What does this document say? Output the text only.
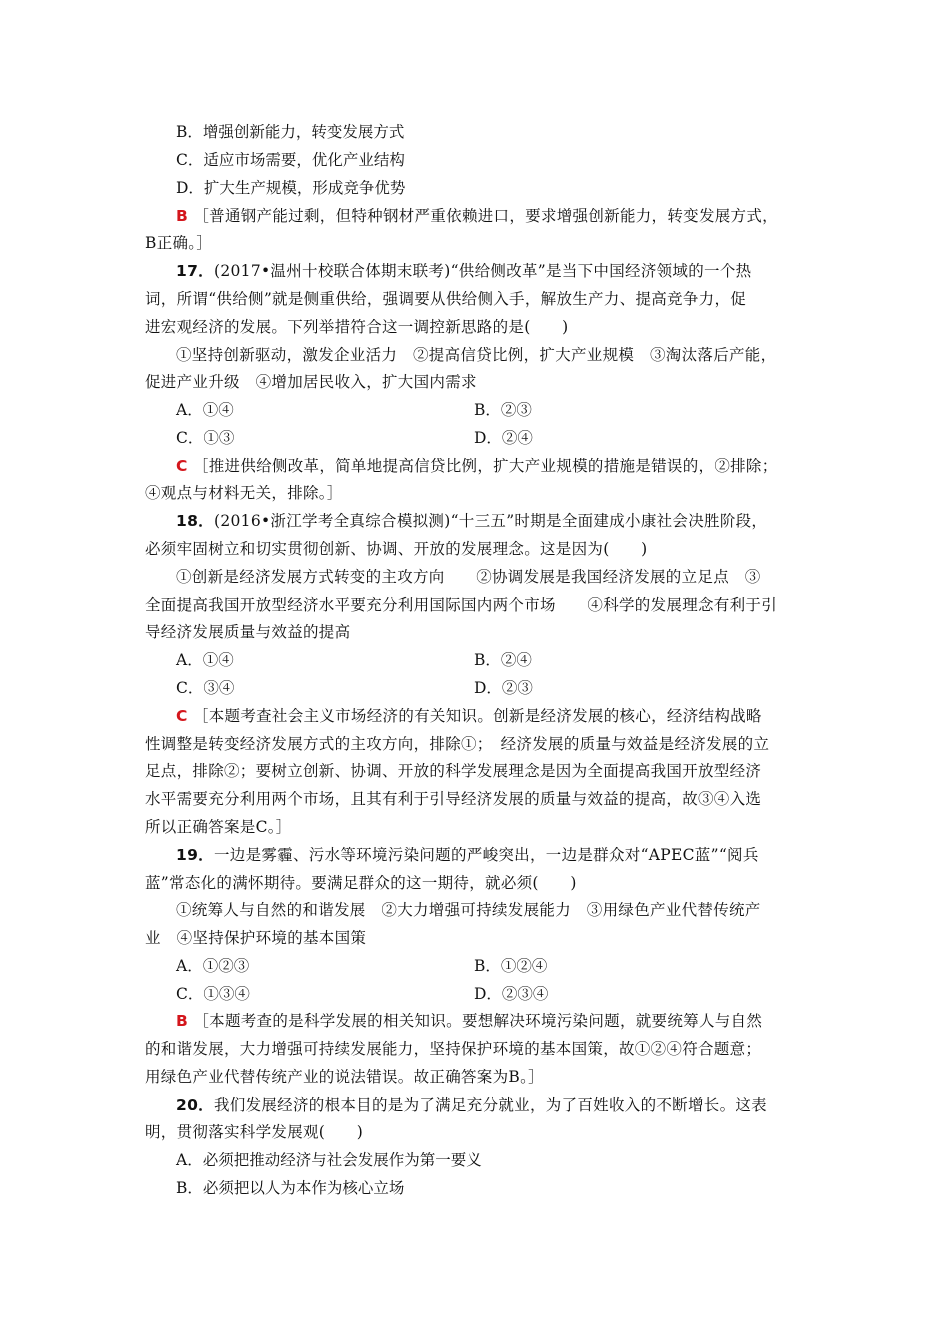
B．增强创新能力，转变发展方式
C．适应市场需要，优化产业结构
D．扩大生产规模，形成竞争优势
B ［普通钢产能过剩，但特种钢材严重依赖进口，要求增强创新能力，转变发展方式，
B正确。］
17．(2017•温州十校联合体期末联考)“供给侧改革”是当下中国经济领域的一个热
词，所谓“供给侧”就是侧重供给，强调要从供给侧入手，解放生产力、提高竞争力，促
进宏观经济的发展。下列举措符合这一调控新思路的是(　　)
①坚持创新驱动，激发企业活力　②提高信贷比例，扩大产业规模　③淘汰落后产能，
促进产业升级　④增加居民收入，扩大国内需求
A．①④	B．②③
C．①③	D．②④
C ［推进供给侧改革，简单地提高信贷比例，扩大产业规模的措施是错误的，②排除；
④观点与材料无关，排除。］
18．(2016•浙江学考全真综合模拟测)“十三五”时期是全面建成小康社会决胜阶段，
必须牢固树立和切实贯彻创新、协调、开放的发展理念。这是因为(　　)
①创新是经济发展方式转变的主攻方向　　②协调发展是我国经济发展的立足点　③
全面提高我国开放型经济水平要充分利用国际国内两个市场　　④科学的发展理念有利于引
导经济发展质量与效益的提高
A．①④	B．②④
C．③④	D．②③
C ［本题考查社会主义市场经济的有关知识。创新是经济发展的核心，经济结构战略
性调整是转变经济发展方式的主攻方向，排除①；　经济发展的质量与效益是经济发展的立
足点，排除②；要树立创新、协调、开放的科学发展理念是因为全面提高我国开放型经济
水平需要充分利用两个市场，且其有利于引导经济发展的质量与效益的提高，故③④入选
所以正确答案是C。］
19．一边是雾霾、污水等环境污染问题的严峻突出，一边是群众对“APEC蓝”“阅兵
蓝”常态化的满怀期待。要满足群众的这一期待，就必须(　　)
①统筹人与自然的和谐发展　②大力增强可持续发展能力　③用绿色产业代替传统产
业　④坚持保护环境的基本国策
A．①②③	B．①②④
C．①③④	D．②③④
B ［本题考查的是科学发展的相关知识。要想解决环境污染问题，就要统筹人与自然
的和谐发展，大力增强可持续发展能力，坚持保护环境的基本国策，故①②④符合题意；
用绿色产业代替传统产业的说法错误。故正确答案为B。］
20．我们发展经济的根本目的是为了满足充分就业，为了百姓收入的不断增长。这表
明，贯彻落实科学发展观(　　)
A．必须把推动经济与社会发展作为第一要义
B．必须把以人为本作为核心立场
